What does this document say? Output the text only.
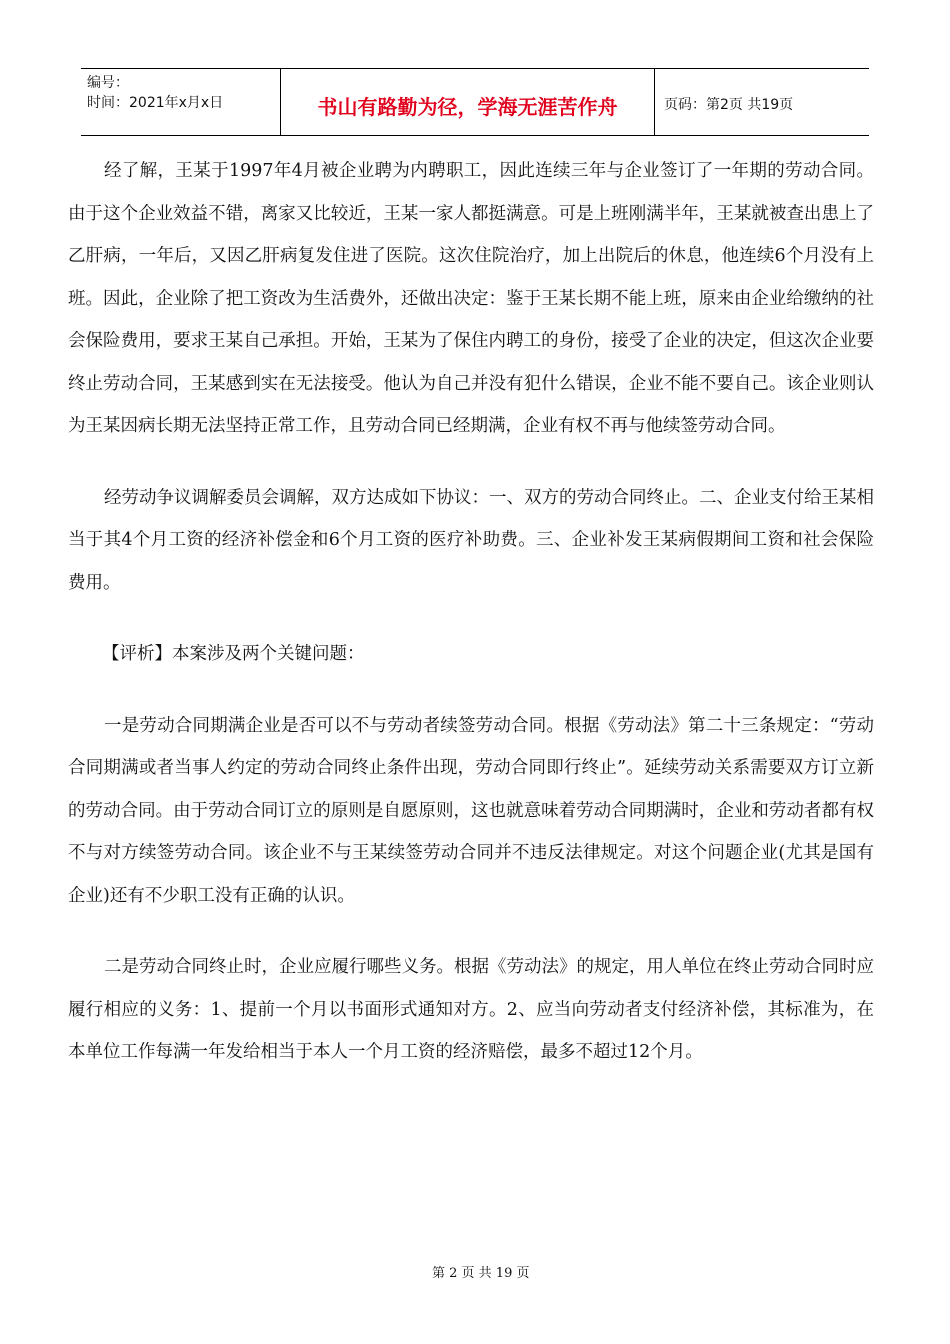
编号：
时间：2021年x月x日	书山有路勤为径，学海无涯苦作舟	页码：第2页 共19页

经了解，王某于1997年4月被企业聘为内聘职工，因此连续三年与企业签订了一年期的劳动合同。由于这个企业效益不错，离家又比较近，王某一家人都挺满意。可是上班刚满半年，王某就被查出患上了乙肝病，一年后，又因乙肝病复发住进了医院。这次住院治疗，加上出院后的休息，他连续6个月没有上班。因此，企业除了把工资改为生活费外，还做出决定：鉴于王某长期不能上班，原来由企业给缴纳的社会保险费用，要求王某自己承担。开始，王某为了保住内聘工的身份，接受了企业的决定，但这次企业要终止劳动合同，王某感到实在无法接受。他认为自己并没有犯什么错误，企业不能不要自己。该企业则认为王某因病长期无法坚持正常工作，且劳动合同已经期满，企业有权不再与他续签劳动合同。

经劳动争议调解委员会调解，双方达成如下协议：一、双方的劳动合同终止。二、企业支付给王某相当于其4个月工资的经济补偿金和6个月工资的医疗补助费。三、企业补发王某病假期间工资和社会保险费用。

【评析】本案涉及两个关键问题：

一是劳动合同期满企业是否可以不与劳动者续签劳动合同。根据《劳动法》第二十三条规定：“劳动合同期满或者当事人约定的劳动合同终止条件出现，劳动合同即行终止”。延续劳动关系需要双方订立新的劳动合同。由于劳动合同订立的原则是自愿原则，这也就意味着劳动合同期满时，企业和劳动者都有权不与对方续签劳动合同。该企业不与王某续签劳动合同并不违反法律规定。对这个问题企业(尤其是国有企业)还有不少职工没有正确的认识。

二是劳动合同终止时，企业应履行哪些义务。根据《劳动法》的规定，用人单位在终止劳动合同时应履行相应的义务：1、提前一个月以书面形式通知对方。2、应当向劳动者支付经济补偿，其标准为，在本单位工作每满一年发给相当于本人一个月工资的经济赔偿，最多不超过12个月。

第 2 页 共 19 页
